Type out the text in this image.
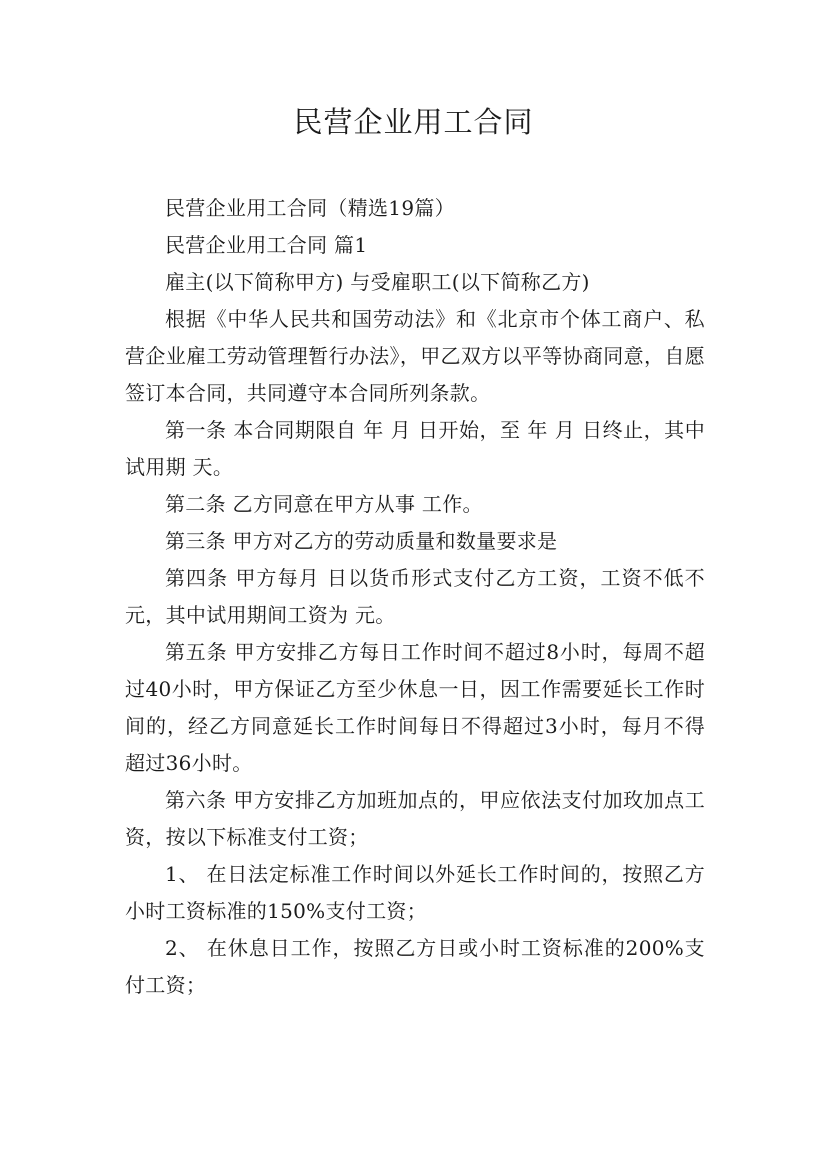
民营企业用工合同

民营企业用工合同（精选19篇）

民营企业用工合同 篇1

雇主(以下简称甲方) 与受雇职工(以下简称乙方)

根据《中华人民共和国劳动法》和《北京市个体工商户、私营企业雇工劳动管理暂行办法》，甲乙双方以平等协商同意，自愿签订本合同，共同遵守本合同所列条款。

第一条 本合同期限自 年 月 日开始，至 年 月 日终止，其中试用期 天。

第二条 乙方同意在甲方从事 工作。

第三条 甲方对乙方的劳动质量和数量要求是

第四条 甲方每月 日以货币形式支付乙方工资，工资不低不 元，其中试用期间工资为 元。

第五条 甲方安排乙方每日工作时间不超过8小时，每周不超过40小时，甲方保证乙方至少休息一日，因工作需要延长工作时间的，经乙方同意延长工作时间每日不得超过3小时，每月不得超过36小时。

第六条 甲方安排乙方加班加点的，甲应依法支付加玫加点工资，按以下标准支付工资；

1、 在日法定标准工作时间以外延长工作时间的，按照乙方小时工资标准的150%支付工资；

2、 在休息日工作，按照乙方日或小时工资标准的200%支付工资；
